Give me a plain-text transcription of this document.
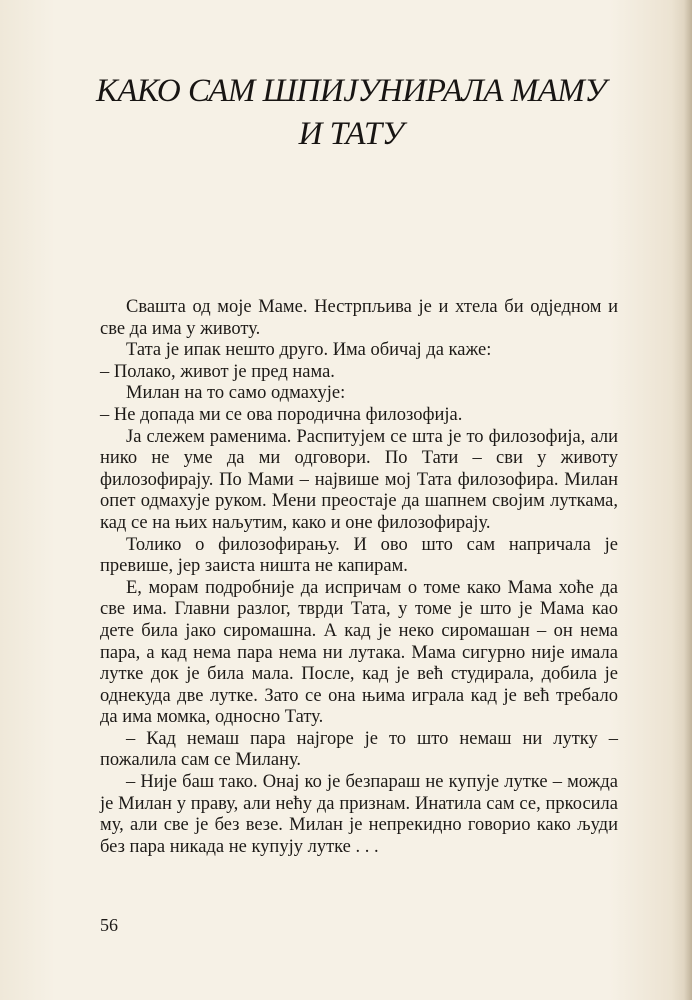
КАКО САМ ШПИЈУНИРАЛА МАМУ
И ТАТУ

Свашта од моје Маме. Нестрпљива је и хтела би одједном и све да има у животу.

Тата је ипак нешто друго. Има обичај да каже:

– Полако, живот је пред нама.

Милан на то само одмахује:

– Не допада ми се ова породична филозофија.

Ја слежем раменима. Распитујем се шта је то филозофија, али нико не уме да ми одговори. По Тати – сви у животу филозофирају. По Мами – највише мој Тата филозофира. Милан опет одмахује руком. Мени преостаје да шапнем својим луткама, кад се на њих наљутим, како и оне филозофирају.

Толико о филозофирању. И ово што сам напричала је превише, јер заиста ништа не капирам.

Е, морам подробније да испричам о томе како Мама хоће да све има. Главни разлог, тврди Тата, у томе је што је Мама као дете била јако сиромашна. А кад је неко сиромашан – он нема пара, а кад нема пара нема ни лутака. Мама сигурно није имала лутке док је била мала. После, кад је већ студирала, добила је однекуда две лутке. Зато се она њима играла кад је већ требало да има момка, односно Тату.

– Кад немаш пара најгоре је то што немаш ни лутку – пожалила сам се Милану.

– Није баш тако. Онај ко је безпараш не купује лутке – можда је Милан у праву, али нећу да признам. Инатила сам се, пркосила му, али све је без везе. Милан је непрекидно говорио како људи без пара никада не купују лутке . . .

56
